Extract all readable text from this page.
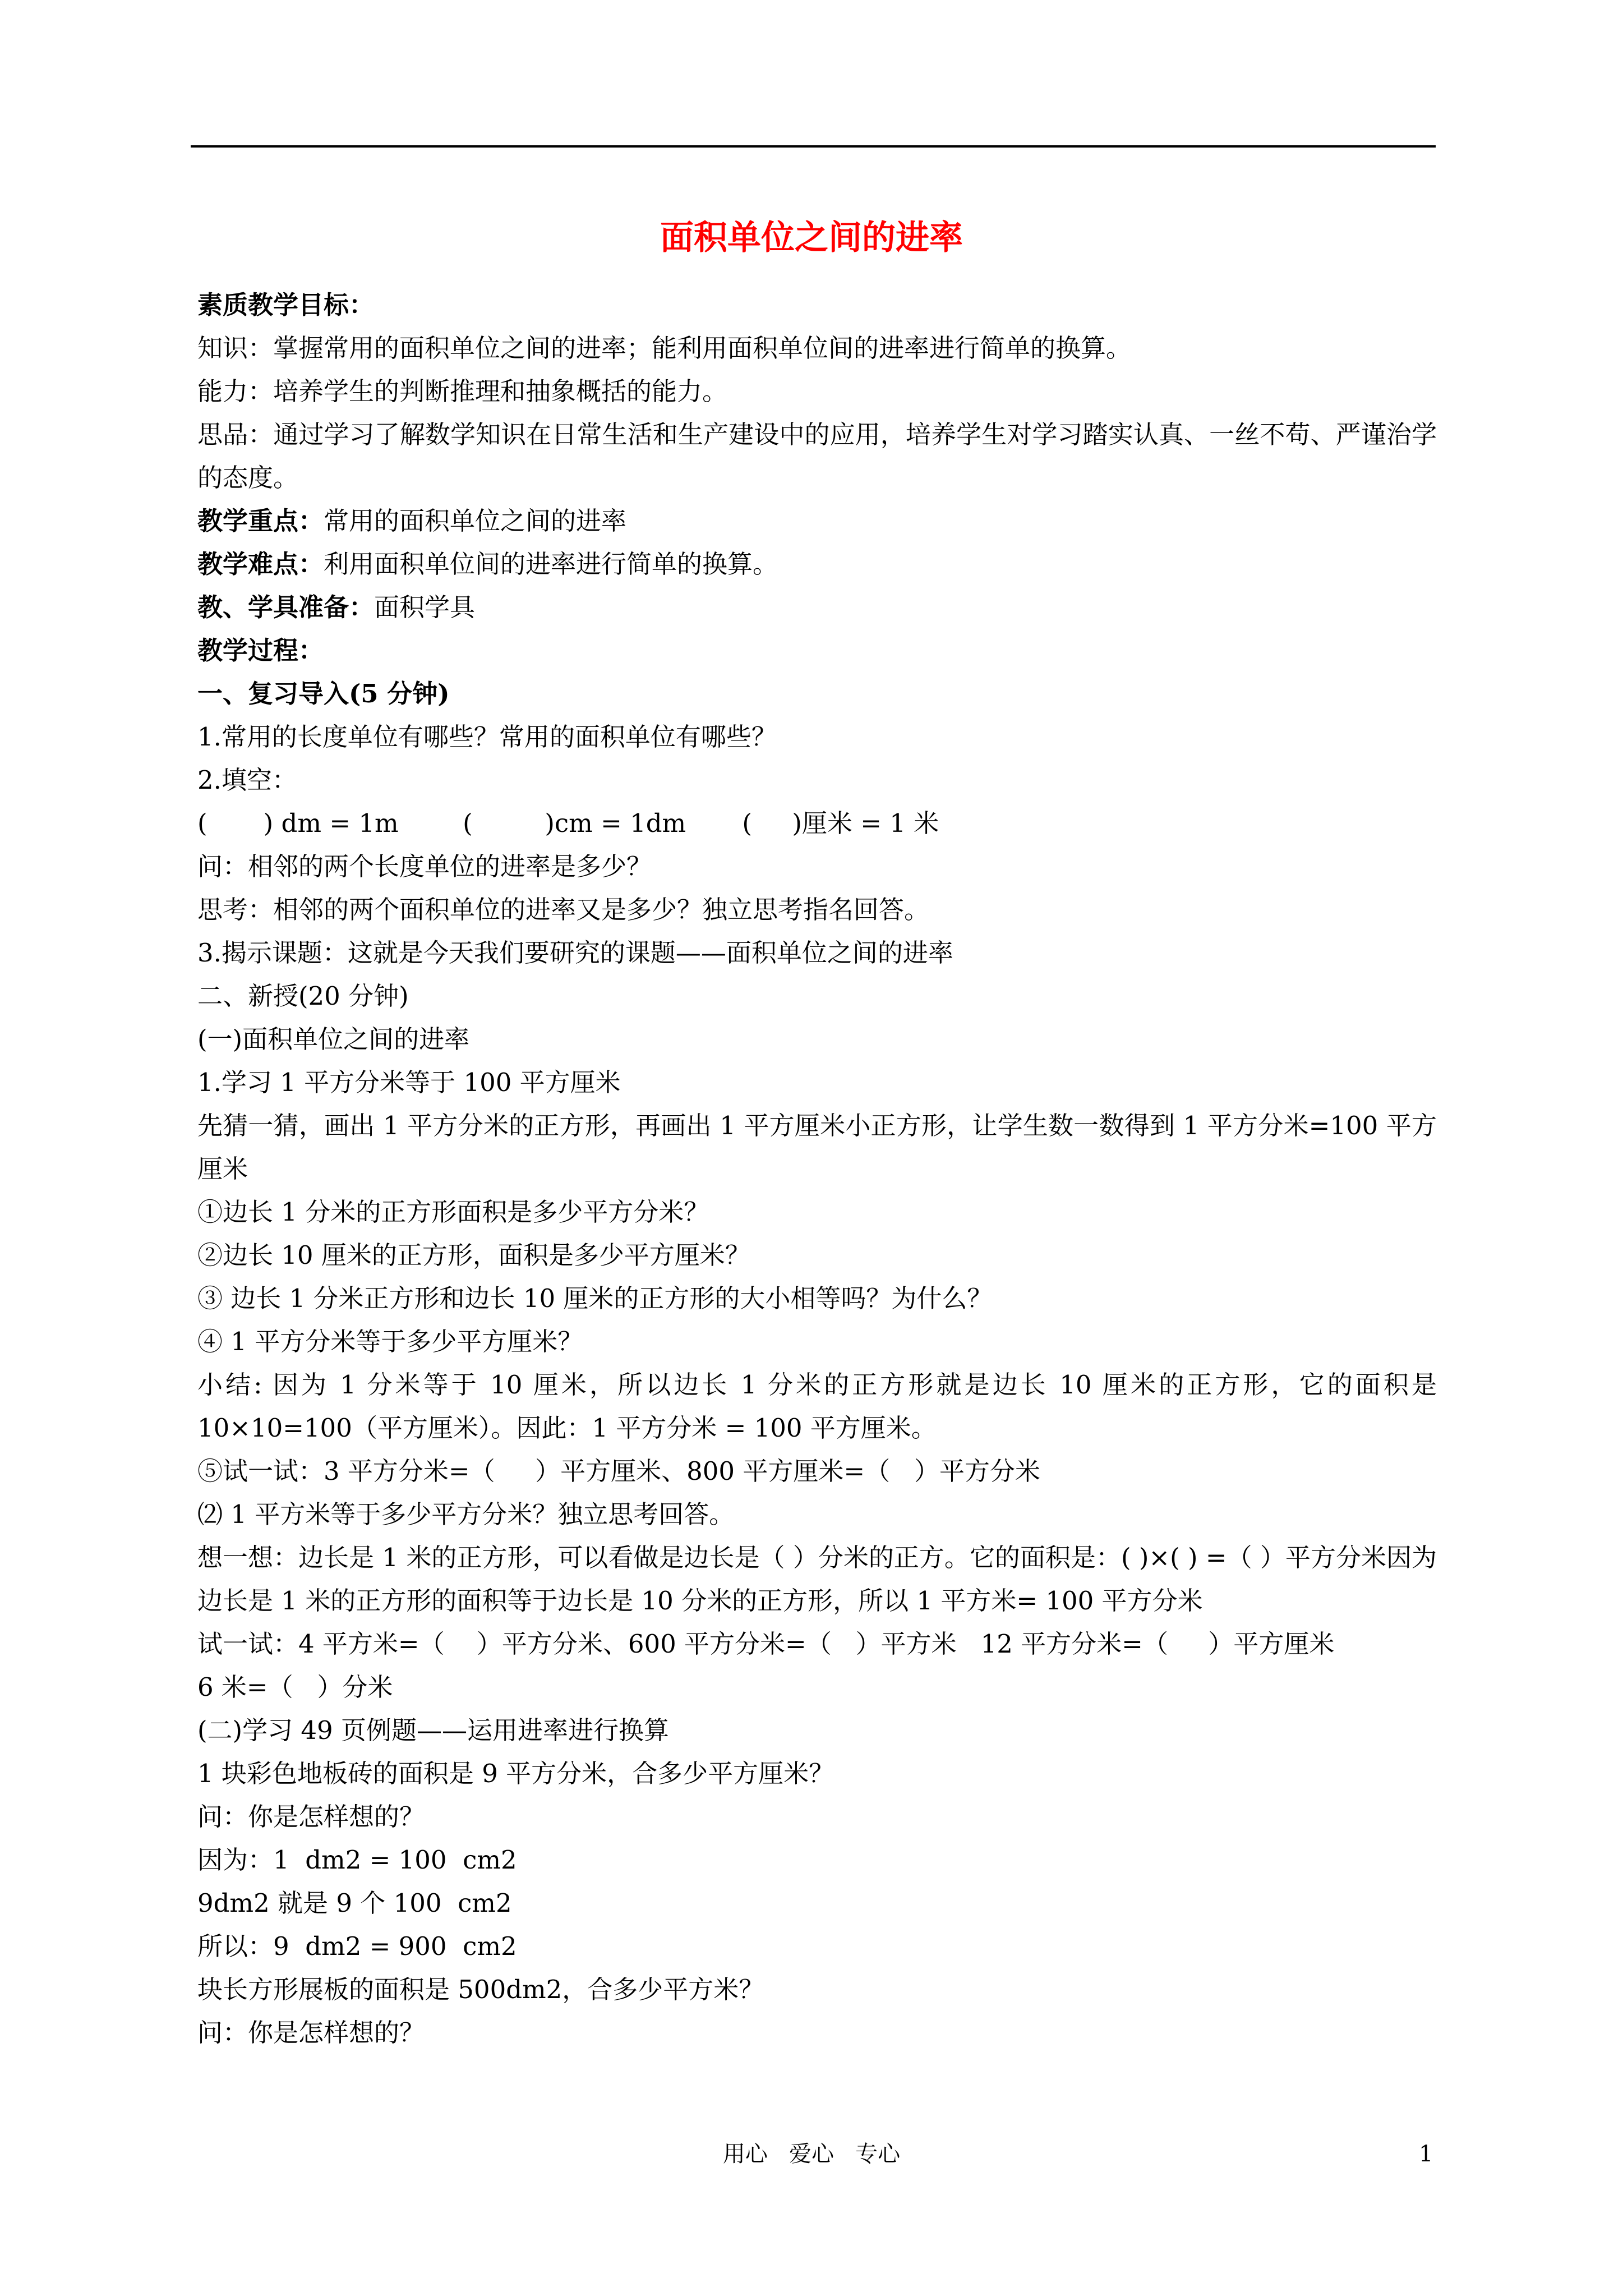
面积单位之间的进率
素质教学目标：
知识：掌握常用的面积单位之间的进率；能利用面积单位间的进率进行简单的换算。
能力：培养学生的判断推理和抽象概括的能力。
思品：通过学习了解数学知识在日常生活和生产建设中的应用，培养学生对学习踏实认真、一丝不苟、严谨治学的态度。
教学重点：常用的面积单位之间的进率
教学难点：利用面积单位间的进率进行简单的换算。
教、学具准备：面积学具
教学过程：
一、复习导入(5 分钟)
1.常用的长度单位有哪些？常用的面积单位有哪些？
2.填空：
(       ) dm = 1m        (         )cm = 1dm       (     )厘米 = 1 米
问：相邻的两个长度单位的进率是多少？
思考：相邻的两个面积单位的进率又是多少？独立思考指名回答。
3.揭示课题：这就是今天我们要研究的课题——面积单位之间的进率
二、新授(20 分钟)
(一)面积单位之间的进率
1.学习 1 平方分米等于 100 平方厘米
先猜一猜，画出 1 平方分米的正方形，再画出 1 平方厘米小正方形，让学生数一数得到 1 平方分米=100 平方厘米
①边长 1 分米的正方形面积是多少平方分米？
②边长 10 厘米的正方形，面积是多少平方厘米？
③ 边长 1 分米正方形和边长 10 厘米的正方形的大小相等吗？为什么？
④ 1 平方分米等于多少平方厘米？
小结: 因为 1 分米等于 10 厘米，所以边长 1 分米的正方形就是边长 10 厘米的正方形，它的面积是 10×10=100（平方厘米）。因此：1 平方分米 = 100 平方厘米。
⑤试一试：3 平方分米=（     ）平方厘米、800 平方厘米=（   ）平方分米
⑵ 1 平方米等于多少平方分米？独立思考回答。
想一想：边长是 1 米的正方形，可以看做是边长是（ ）分米的正方。它的面积是：( )×( ) =（ ）平方分米因为边长是 1 米的正方形的面积等于边长是 10 分米的正方形，所以 1 平方米= 100 平方分米
试一试：4 平方米=（    ）平方分米、600 平方分米=（   ）平方米   12 平方分米=（     ）平方厘米
6 米=（   ）分米
(二)学习 49 页例题——运用进率进行换算
1 块彩色地板砖的面积是 9 平方分米，合多少平方厘米？
问：你是怎样想的？
因为：1  dm2 = 100  cm2
9dm2 就是 9 个 100  cm2
所以：9  dm2 = 900  cm2
块长方形展板的面积是 500dm2，合多少平方米？
问：你是怎样想的？
用心   爱心   专心	1
